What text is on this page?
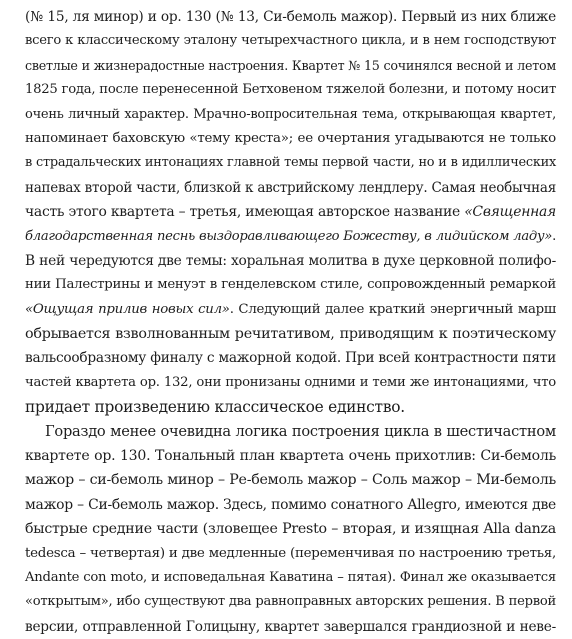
(№ 15, ля минор) и ор. 130 (№ 13, Си-бемоль мажор). Первый из них ближе
всего к классическому эталону четырехчастного цикла, и в нем господствуют
светлые и жизнерадостные настроения. Квартет № 15 сочинялся весной и летом
1825 года, после перенесенной Бетховеном тяжелой болезни, и потому носит
очень личный характер. Мрачно-вопросительная тема, открывающая квартет,
напоминает баховскую «тему креста»; ее очертания угадываются не только
в страдальческих интонациях главной темы первой части, но и в идиллических
напевах второй части, близкой к австрийскому лендлеру. Самая необычная
часть этого квартета – третья, имеющая авторское название «Священная
благодарственная песнь выздоравливающего Божеству, в лидийском ладу».
В ней чередуются две темы: хоральная молитва в духе церковной полифо-
нии Палестрины и менуэт в генделевском стиле, сопровожденный ремаркой
«Ощущая прилив новых сил». Следующий далее краткий энергичный марш
обрывается взволнованным речитативом, приводящим к поэтическому
вальсообразному финалу с мажорной кодой. При всей контрастности пяти
частей квартета ор. 132, они пронизаны одними и теми же интонациями, что
придает произведению классическое единство.
Гораздо менее очевидна логика построения цикла в шестичастном
квартете ор. 130. Тональный план квартета очень прихотлив: Си-бемоль
мажор – си-бемоль минор – Ре-бемоль мажор – Соль мажор – Ми-бемоль
мажор – Си-бемоль мажор. Здесь, помимо сонатного Allegro, имеются две
быстрые средние части (зловещее Presto – вторая, и изящная Alla danza
tedesca – четвертая) и две медленные (переменчивая по настроению третья,
Andante con moto, и исповедальная Каватина – пятая). Финал же оказывается
«открытым», ибо существуют два равноправных авторских решения. В первой
версии, отправленной Голицыну, квартет завершался грандиозной и неве-
